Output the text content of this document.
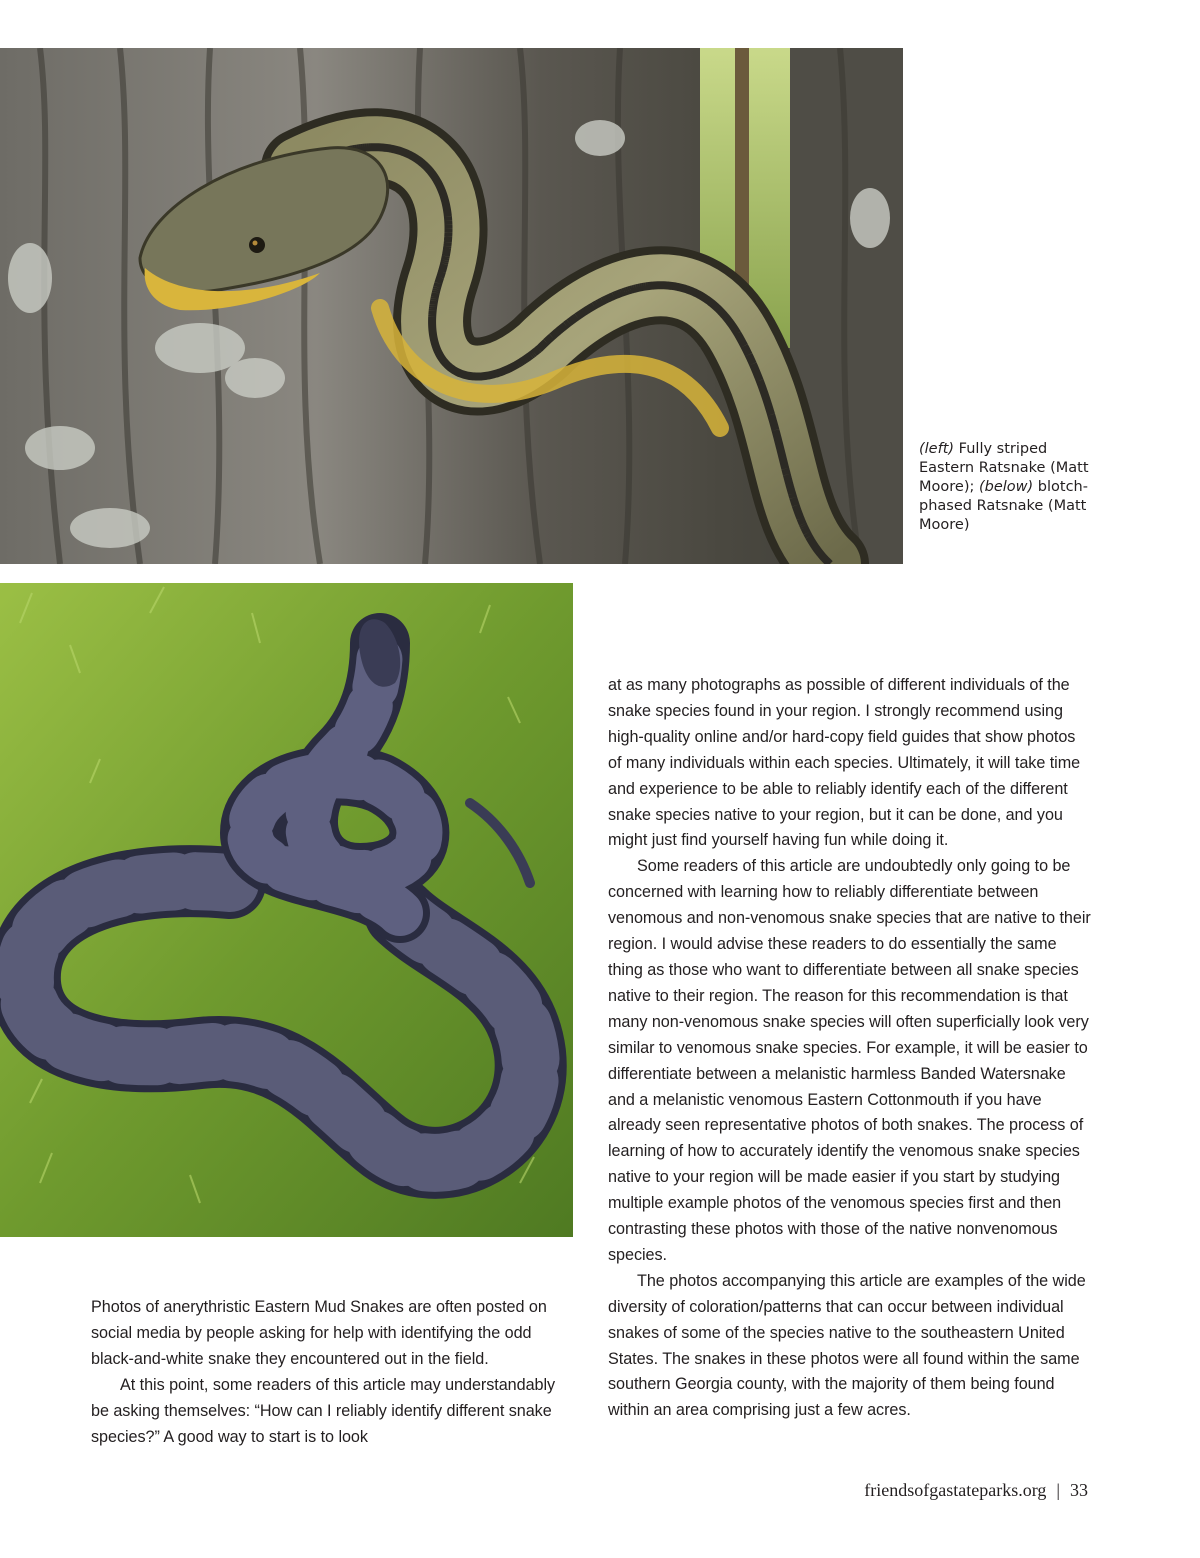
(left) Fully striped Eastern Ratsnake (Matt Moore); (below) blotch-phased Ratsnake (Matt Moore)

Photos of anerythristic Eastern Mud Snakes are often posted on social media by people asking for help with identifying the odd black-and-white snake they encountered out in the field.

At this point, some readers of this article may understandably be asking themselves: “How can I reliably identify different snake species?” A good way to start is to look

at as many photographs as possible of different individuals of the snake species found in your region. I strongly recommend using high-quality online and/or hard-copy field guides that show photos of many individuals within each species. Ultimately, it will take time and experience to be able to reliably identify each of the different snake species native to your region, but it can be done, and you might just find yourself having fun while doing it.

Some readers of this article are undoubtedly only going to be concerned with learning how to reliably differentiate between venomous and non-venomous snake species that are native to their region. I would advise these readers to do essentially the same thing as those who want to differentiate between all snake species native to their region. The reason for this recommendation is that many non-venomous snake species will often superficially look very similar to venomous snake species. For example, it will be easier to differentiate between a melanistic harmless Banded Watersnake and a melanistic venomous Eastern Cottonmouth if you have already seen representative photos of both snakes. The process of learning of how to accurately identify the venomous snake species native to your region will be made easier if you start by studying multiple example photos of the venomous species first and then contrasting these photos with those of the native nonvenomous species.

The photos accompanying this article are examples of the wide diversity of coloration/patterns that can occur between individual snakes of some of the species native to the southeastern United States. The snakes in these photos were all found within the same southern Georgia county, with the majority of them being found within an area comprising just a few acres.

friendsofgastateparks.org | 33
